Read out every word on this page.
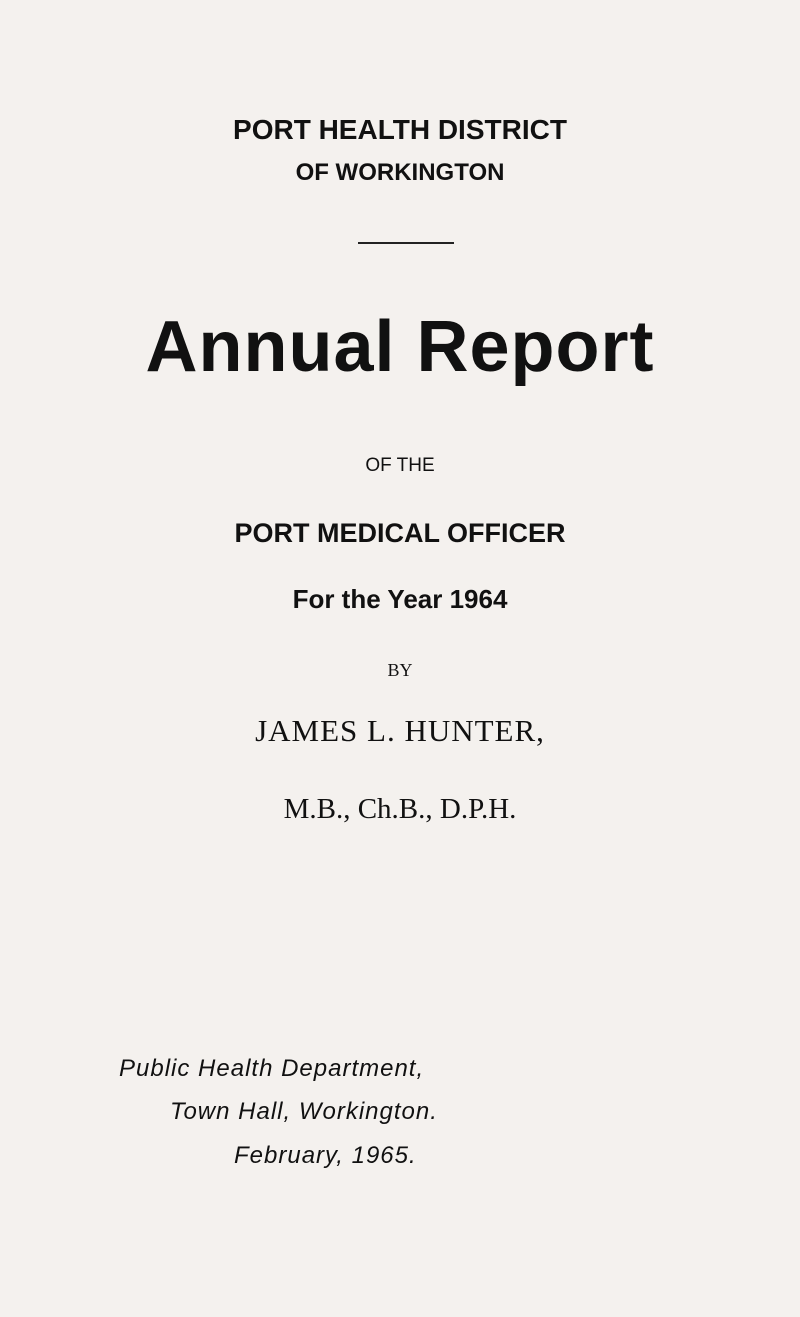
PORT HEALTH DISTRICT
OF WORKINGTON
Annual Report
OF THE
PORT MEDICAL OFFICER
For the Year 1964
BY
JAMES L. HUNTER,
M.B., Ch.B., D.P.H.
Public Health Department,
Town Hall, Workington.
February, 1965.
